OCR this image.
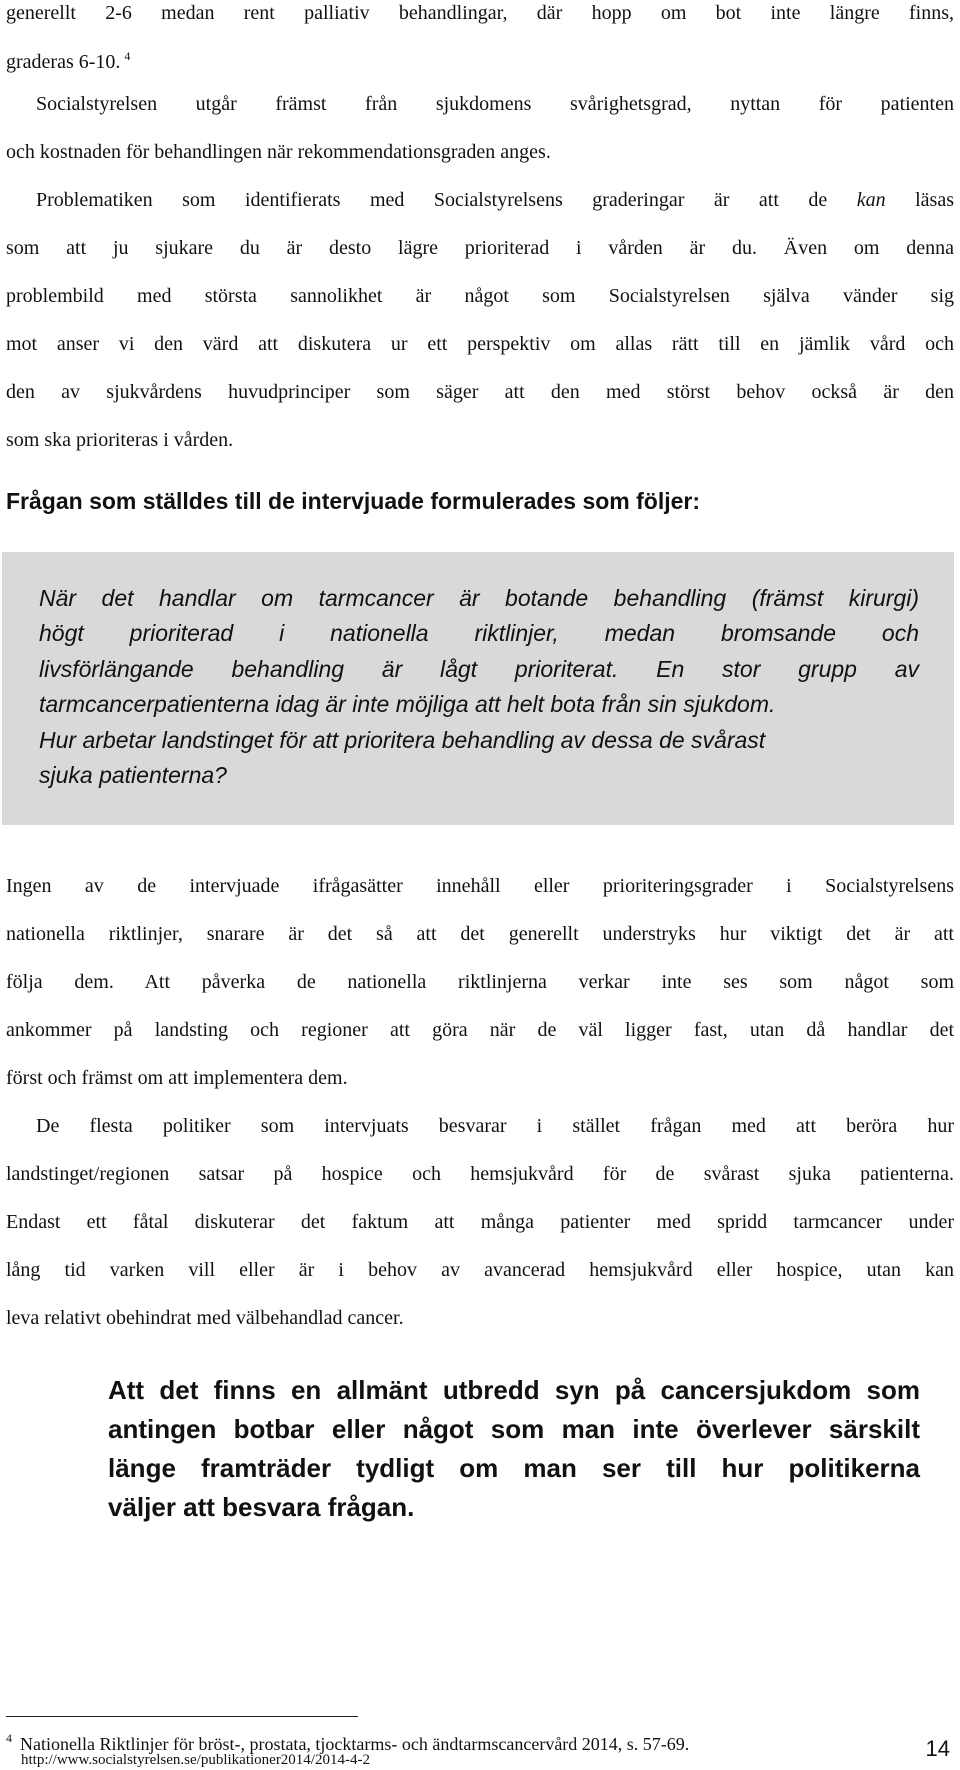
generellt 2-6 medan rent palliativ behandlingar, där hopp om bot inte längre finns,
graderas 6-10. $^4$
Socialstyrelsen utgår främst från sjukdomens svårighetsgrad, nyttan för patienten
och kostnaden för behandlingen när rekommendationsgraden anges.
Problematiken som identifierats med Socialstyrelsens graderingar är att de kan läsas
som att ju sjukare du är desto lägre prioriterad i vården är du. Även om denna
problembild med största sannolikhet är något som Socialstyrelsen själva vänder sig
mot anser vi den värd att diskutera ur ett perspektiv om allas rätt till en jämlik vård och
den av sjukvårdens huvudprinciper som säger att den med störst behov också är den
som ska prioriteras i vården.
Frågan som ställdes till de intervjuade formulerades som följer:
När det handlar om tarmcancer är botande behandling (främst kirurgi)
högt prioriterad i nationella riktlinjer, medan bromsande och
livsförlängande behandling är lågt prioriterat. En stor grupp av
tarmcancerpatienterna idag är inte möjliga att helt bota från sin sjukdom.
Hur arbetar landstinget för att prioritera behandling av dessa de svårast
sjuka patienterna?
Ingen av de intervjuade ifrågasätter innehåll eller prioriteringsgrader i Socialstyrelsens
nationella riktlinjer, snarare är det så att det generellt understryks hur viktigt det är att
följa dem. Att påverka de nationella riktlinjerna verkar inte ses som något som
ankommer på landsting och regioner att göra när de väl ligger fast, utan då handlar det
först och främst om att implementera dem.
De flesta politiker som intervjuats besvarar i stället frågan med att beröra hur
landstinget/regionen satsar på hospice och hemsjukvård för de svårast sjuka patienterna.
Endast ett fåtal diskuterar det faktum att många patienter med spridd tarmcancer under
lång tid varken vill eller är i behov av avancerad hemsjukvård eller hospice, utan kan
leva relativt obehindrat med välbehandlad cancer.
Att det finns en allmänt utbredd syn på cancersjukdom som
antingen botbar eller något som man inte överlever särskilt
länge framträder tydligt om man ser till hur politikerna
väljer att besvara frågan.
$^4$ Nationella Riktlinjer för bröst-, prostata, tjocktarms- och ändtarmscancervård 2014, s. 57-69.
http://www.socialstyrelsen.se/publikationer2014/2014-4-2	14
